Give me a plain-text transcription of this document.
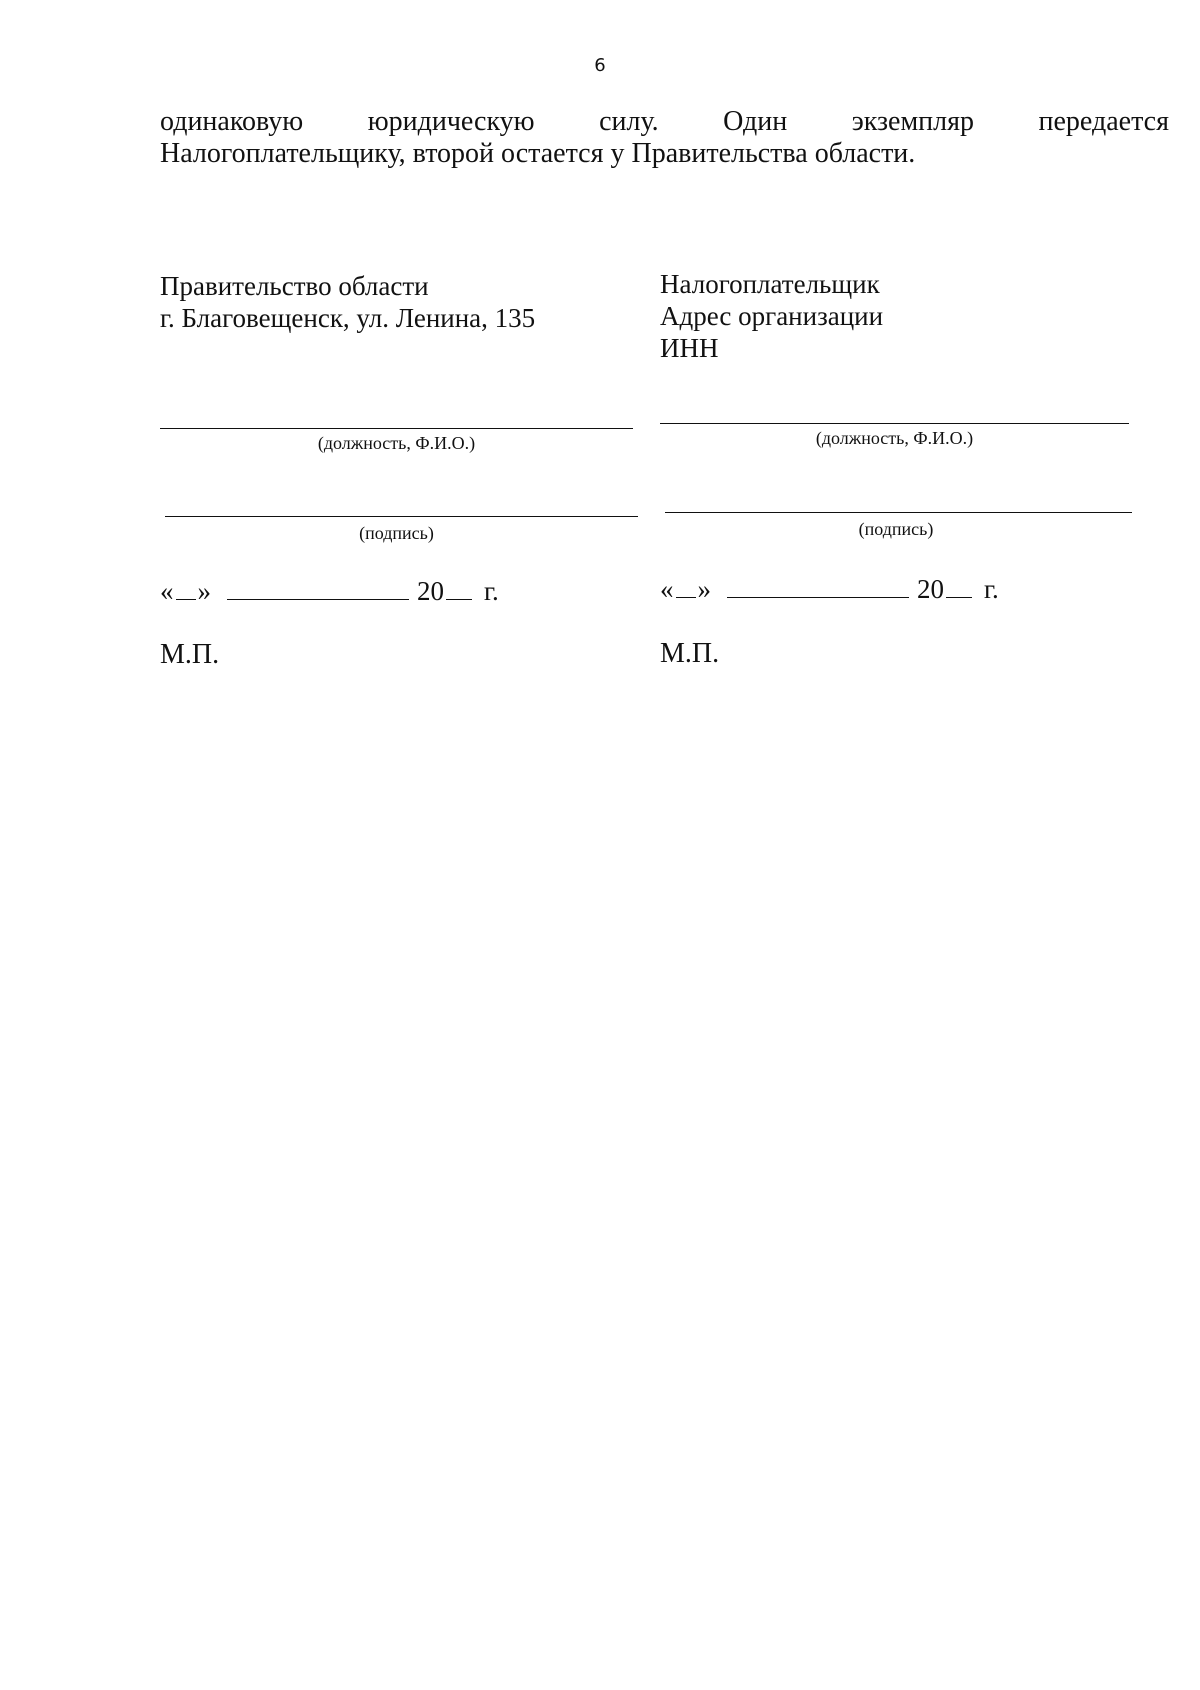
6
одинаковую юридическую силу. Один экземпляр передается
Налогоплательщику, второй остается у Правительства области.
Правительство области
г. Благовещенск, ул. Ленина, 135
(должность, Ф.И.О.)
(подпись)
« »	20 г.
М.П.
Налогоплательщик
Адрес организации
ИНН
(должность, Ф.И.О.)
(подпись)
« »	20 г.
М.П.
